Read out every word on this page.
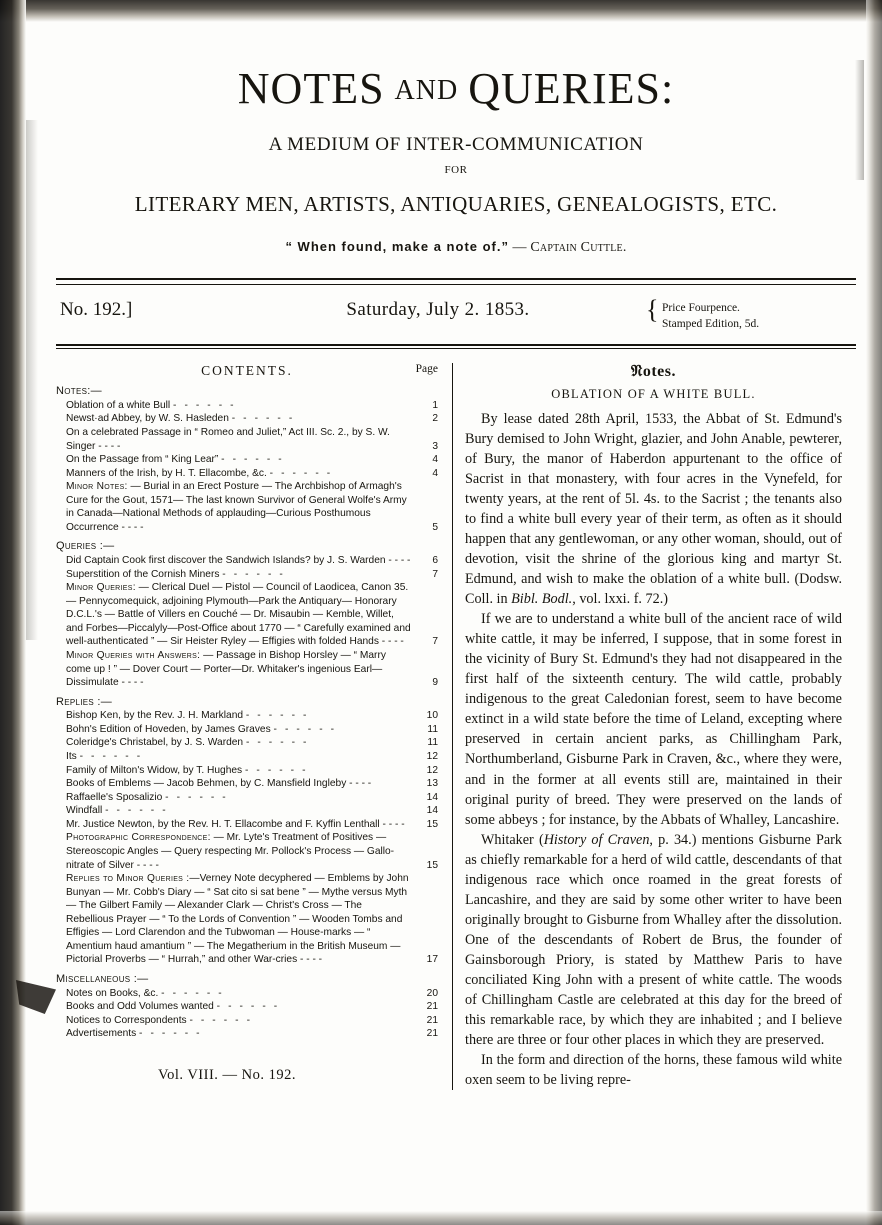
NOTES AND QUERIES:
A MEDIUM OF INTER-COMMUNICATION
FOR
LITERARY MEN, ARTISTS, ANTIQUARIES, GENEALOGISTS, ETC.
“ When found, make a note of.” — Captain Cuttle.
No. 192.]	Saturday, July 2. 1853.	{ Price Fourpence.
Stamped Edition, 5d.
CONTENTS.	Page
Notes:—
Oblation of a white Bull - - - - - -	1
Newst·ad Abbey, by W. S. Hasleden - - - - - -	2
On a celebrated Passage in “ Romeo and Juliet,” Act III. Sc. 2., by S. W. Singer - - - -	3
On the Passage from “ King Lear” - - - - - -	4
Manners of the Irish, by H. T. Ellacombe, &c. - - - - - -	4
Minor Notes: — Burial in an Erect Posture — The Archbishop of Armagh's Cure for the Gout, 1571— The last known Survivor of General Wolfe's Army in Canada—National Methods of applauding—Curious Posthumous Occurrence - - - -	5
Queries :—
Did Captain Cook first discover the Sandwich Islands? by J. S. Warden - - - -	6
Superstition of the Cornish Miners - - - - - -	7
Minor Queries: — Clerical Duel — Pistol — Council of Laodicea, Canon 35. — Pennycomequick, adjoining Plymouth—Park the Antiquary— Honorary D.C.L.'s — Battle of Villers en Couché — Dr. Misaubin — Kemble, Willet, and Forbes—Piccalyly—Post-Office about 1770 — “ Carefully examined and well-authenticated ” — Sir Heister Ryley — Effigies with folded Hands - - - -	7
Minor Queries with Answers: — Passage in Bishop Horsley — “ Marry come up ! ” — Dover Court — Porter—Dr. Whitaker's ingenious Earl—Dissimulate - - - -	9
Replies :—
Bishop Ken, by the Rev. J. H. Markland - - - - - -	10
Bohn's Edition of Hoveden, by James Graves - - - - - -	11
Coleridge's Christabel, by J. S. Warden - - - - - -	11
Its - - - - - -	12
Family of Milton's Widow, by T. Hughes - - - - - -	12
Books of Emblems — Jacob Behmen, by C. Mansfield Ingleby - - - -	13
Raffaelle's Sposalizio - - - - - -	14
Windfall - - - - - -	14
Mr. Justice Newton, by the Rev. H. T. Ellacombe and F. Kyffin Lenthall - - - -	15
Photographic Correspondence: — Mr. Lyte's Treatment of Positives — Stereoscopic Angles — Query respecting Mr. Pollock's Process — Gallo-nitrate of Silver - - - -	15
Replies to Minor Queries :—Verney Note decyphered — Emblems by John Bunyan — Mr. Cobb's Diary — “ Sat cito si sat bene ” — Mythe versus Myth — The Gilbert Family — Alexander Clark — Christ's Cross — The Rebellious Prayer — “ To the Lords of Convention ” — Wooden Tombs and Effigies — Lord Clarendon and the Tubwoman — House-marks — “ Amentium haud amantium ” — The Megatherium in the British Museum — Pictorial Proverbs — “ Hurrah,” and other War-cries - - - -	17
Miscellaneous :—
Notes on Books, &c. - - - - - -	20
Books and Odd Volumes wanted - - - - - -	21
Notices to Correspondents - - - - - -	21
Advertisements - - - - - -	21
Vol. VIII. — No. 192.
𝔑otes.
OBLATION OF A WHITE BULL.

By lease dated 28th April, 1533, the Abbat of St. Edmund's Bury demised to John Wright, glazier, and John Anable, pewterer, of Bury, the manor of Haberdon appurtenant to the office of Sacrist in that monastery, with four acres in the Vynefeld, for twenty years, at the rent of 5l. 4s. to the Sacrist ; the tenants also to find a white bull every year of their term, as often as it should happen that any gentlewoman, or any other woman, should, out of devotion, visit the shrine of the glorious king and martyr St. Edmund, and wish to make the oblation of a white bull. (Dodsw. Coll. in Bibl. Bodl., vol. lxxi. f. 72.)

If we are to understand a white bull of the ancient race of wild white cattle, it may be inferred, I suppose, that in some forest in the vicinity of Bury St. Edmund's they had not disappeared in the first half of the sixteenth century. The wild cattle, probably indigenous to the great Caledonian forest, seem to have become extinct in a wild state before the time of Leland, excepting where preserved in certain ancient parks, as Chillingham Park, Northumberland, Gisburne Park in Craven, &c., where they were, and in the former at all events still are, maintained in their original purity of breed. They were preserved on the lands of some abbeys ; for instance, by the Abbats of Whalley, Lancashire.

Whitaker (History of Craven, p. 34.) mentions Gisburne Park as chiefly remarkable for a herd of wild cattle, descendants of that indigenous race which once roamed in the great forests of Lancashire, and they are said by some other writer to have been originally brought to Gisburne from Whalley after the dissolution. One of the descendants of Robert de Brus, the founder of Gainsborough Priory, is stated by Matthew Paris to have conciliated King John with a present of white cattle. The woods of Chillingham Castle are celebrated at this day for the breed of this remarkable race, by which they are inhabited ; and I believe there are three or four other places in which they are preserved.

In the form and direction of the horns, these famous wild white oxen seem to be living repre-
